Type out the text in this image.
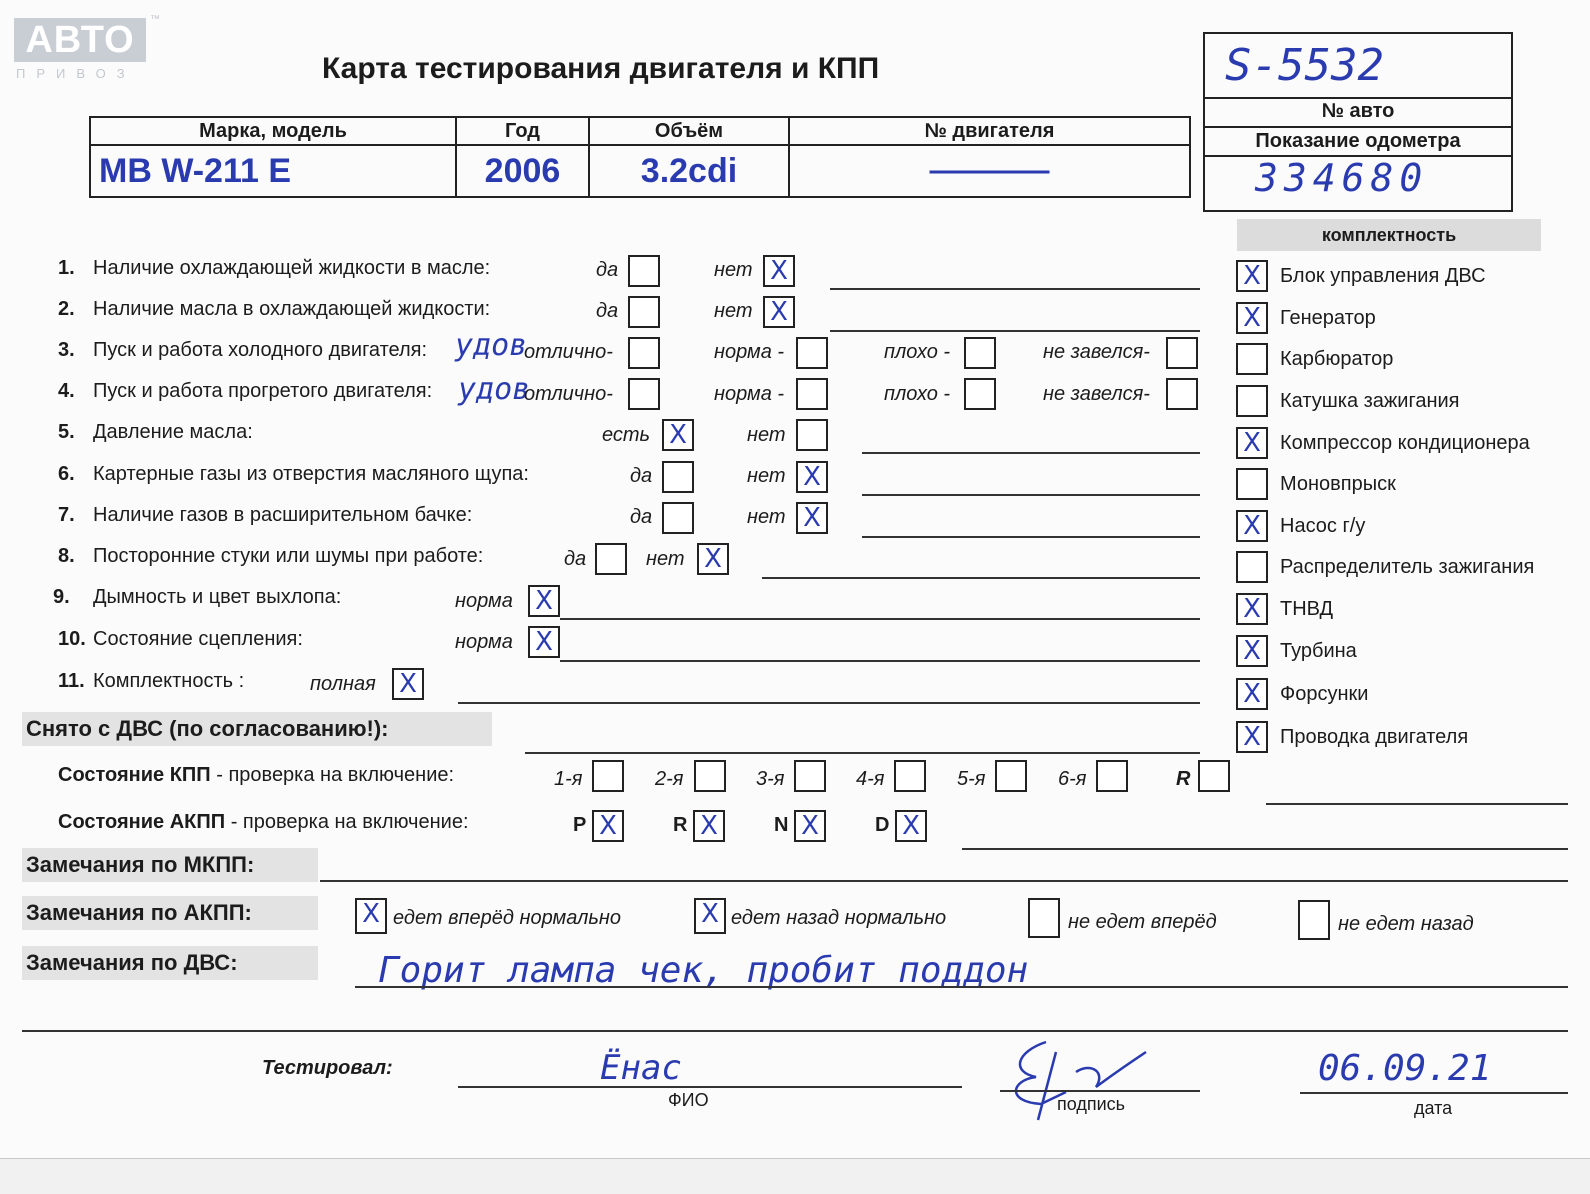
АВТО
ПРИВОЗ
™
Карта тестирования двигателя и КПП
Марка, модель	Год	Объём	№ двигателя
МВ W-211 E	2006	3.2cdi	————
S-5532
№ авто
Показание одометра
334680
комплектность
X Блок управления ДВС
X Генератор
Карбюратор
Катушка зажигания
X Компрессор кондиционера
Моновпрыск
X Насос г/у
Распределитель зажигания
X ТНВД
X Турбина
X Форсунки
X Проводка двигателя
1. Наличие охлаждающей жидкости в масле:	да	нет X
2. Наличие масла в охлаждающей жидкости:	да	нет X
3. Пуск и работа холодного двигателя: удов
отлично-	норма -	плохо -	не завелся-
4. Пуск и работа прогретого двигателя: удов
отлично-	норма -	плохо -	не завелся-
5. Давление масла:	есть X	нет
6. Картерные газы из отверстия масляного щупа:	да	нет X
7. Наличие газов в расширительном бачке:	да	нет X
8. Посторонние стуки или шумы при работе:	да	нет X
9. Дымность и цвет выхлопа:	норма X
10. Состояние сцепления:	норма X
11. Комплектность :	полная X
Снято с ДВС (по согласованию!):
Состояние КПП - проверка на включение:	1-я	2-я	3-я	4-я	5-я	6-я	R
Состояние АКПП - проверка на включение:	P X	R X	N X	D X
Замечания по МКПП:
Замечания по АКПП:	X едет вперёд нормально	X едет назад нормально	не едет вперёд	не едет назад
Замечания по ДВС:	Горит лампа чек, пробит поддон
Тестировал:	Ёнас
ФИО	подпись
06.09.21
дата
